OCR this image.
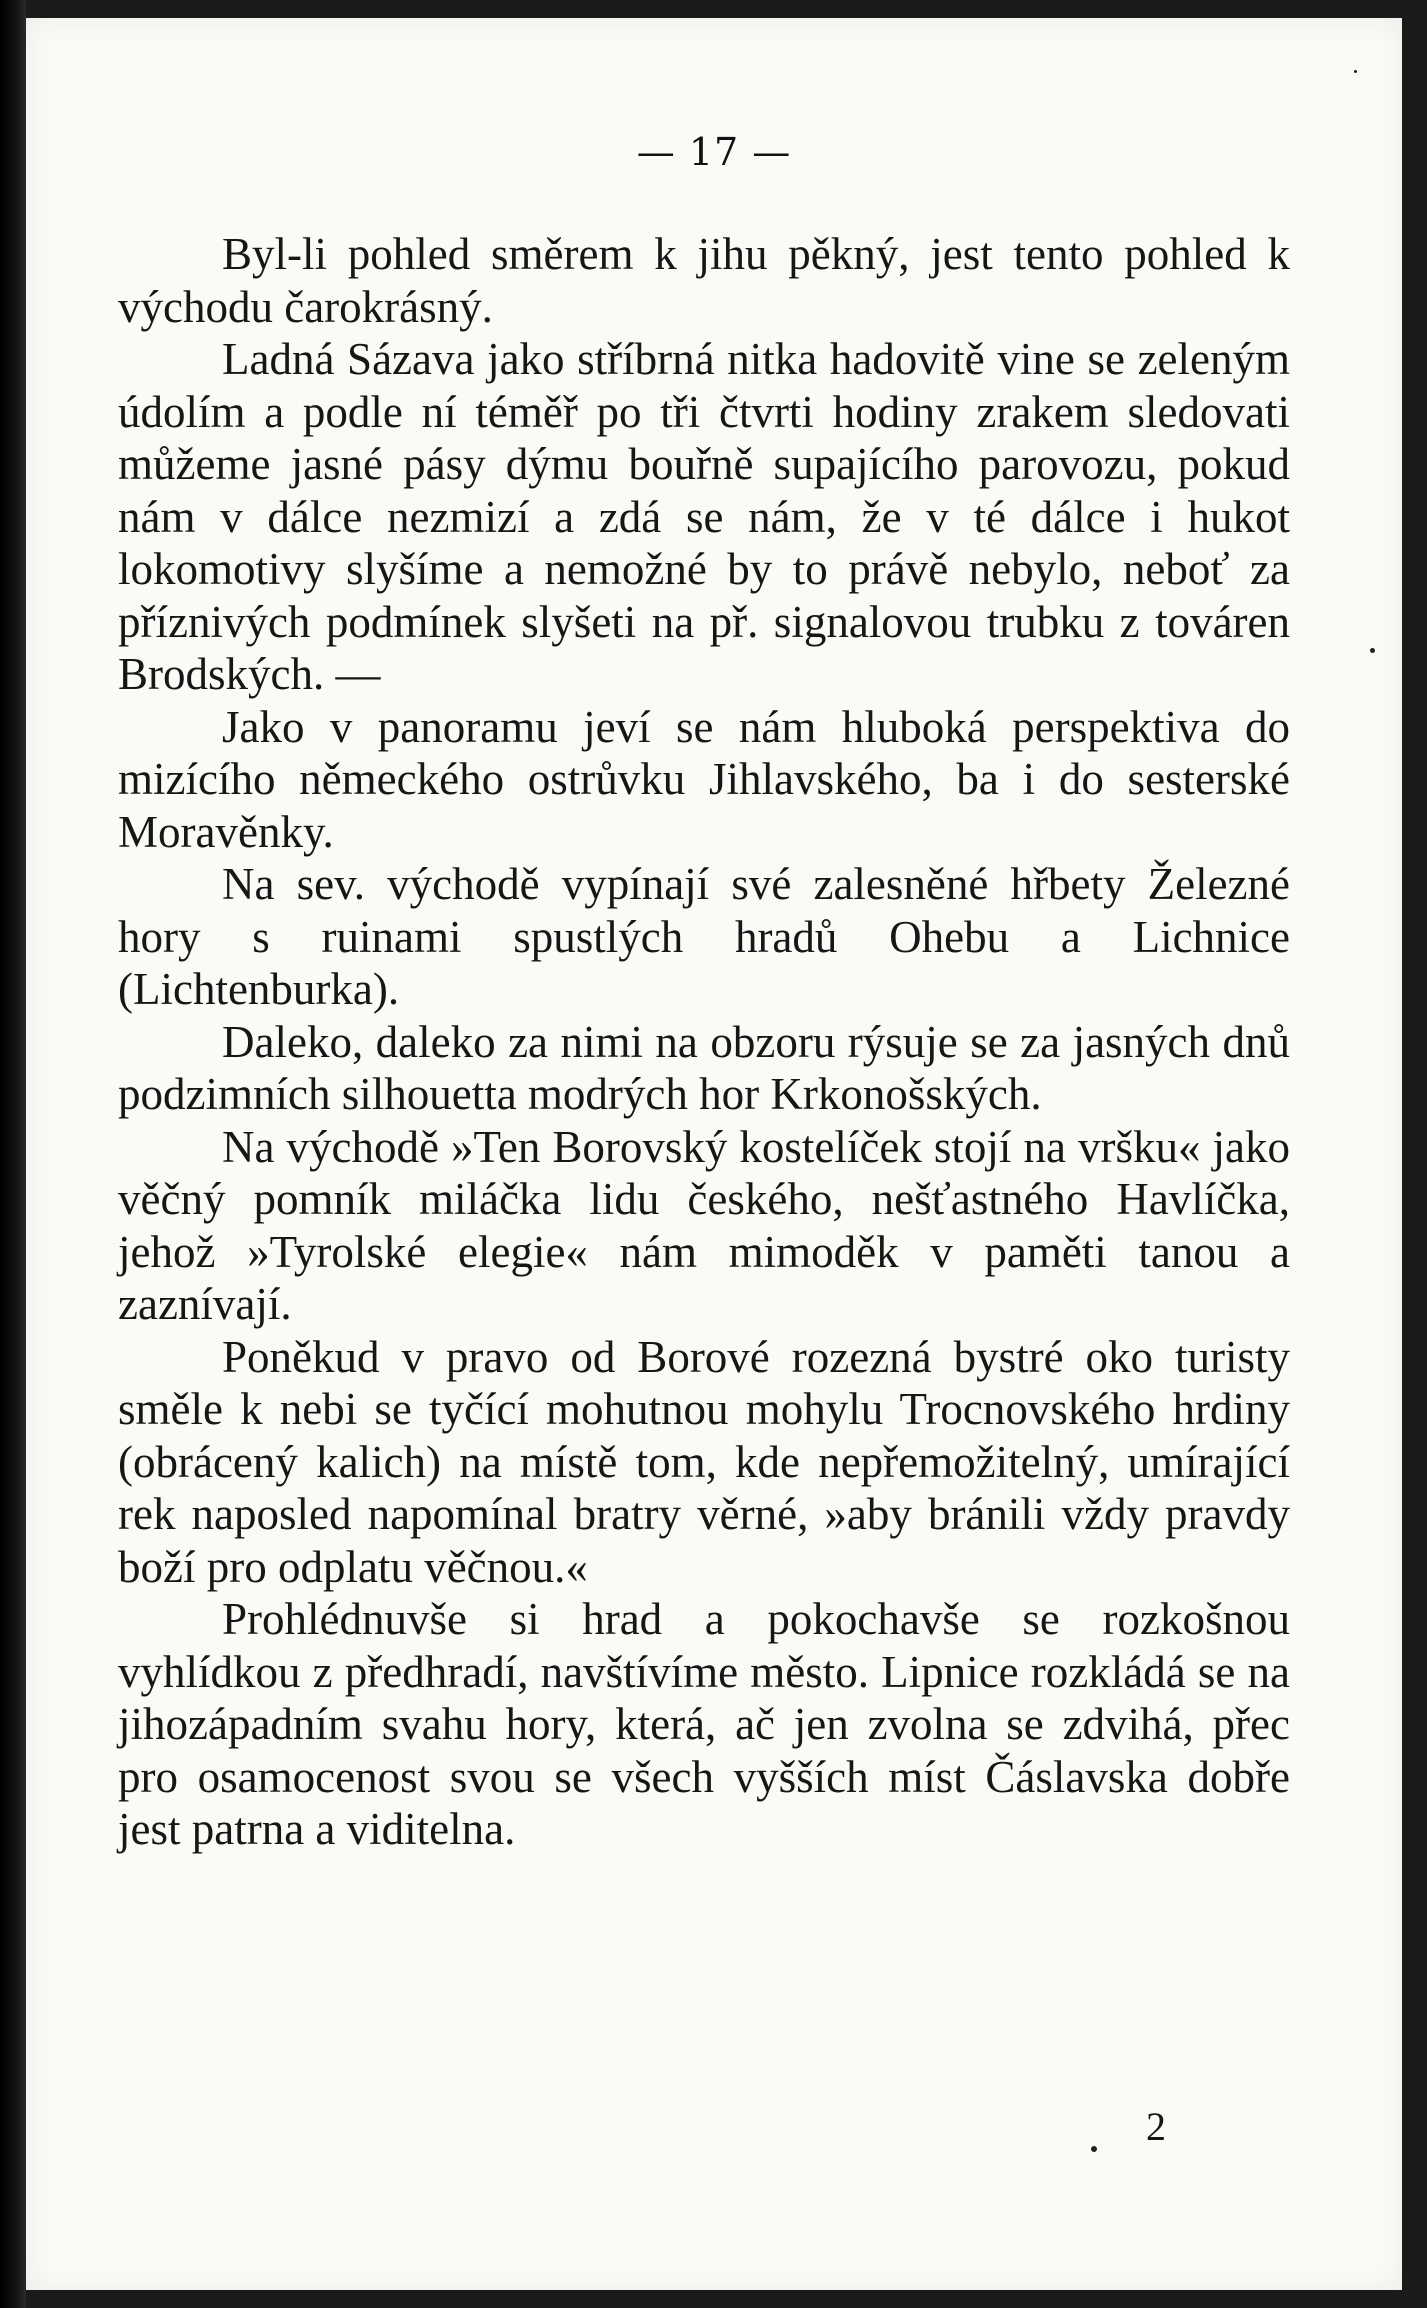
— 17 —

Byl-li pohled směrem k jihu pěkný, jest tento pohled k východu čarokrásný.

Ladná Sázava jako stříbrná nitka hadovitě vine se zeleným údolím a podle ní téměř po tři čtvrti hodiny zrakem sledovati můžeme jasné pásy dýmu bouřně supajícího parovozu, pokud nám v dálce nezmizí a zdá se nám, že v té dálce i hukot lokomotivy slyšíme a nemožné by to právě nebylo, neboť za příznivých podmínek slyšeti na př. signalovou trubku z továren Brodských. —

Jako v panoramu jeví se nám hluboká perspektiva do mizícího německého ostrůvku Jihlavského, ba i do sesterské Moravěnky.

Na sev. východě vypínají své zalesněné hřbety Železné hory s ruinami spustlých hradů Ohebu a Lichnice (Lichtenburka).

Daleko, daleko za nimi na obzoru rýsuje se za jasných dnů podzimních silhouetta modrých hor Krkonošských.

Na východě »Ten Borovský kostelíček stojí na vršku« jako věčný pomník miláčka lidu českého, nešťastného Havlíčka, jehož »Tyrolské elegie« nám mimoděk v paměti tanou a zaznívají.

Poněkud v pravo od Borové rozezná bystré oko turisty směle k nebi se tyčící mohutnou mohylu Trocnovského hrdiny (obrácený kalich) na místě tom, kde nepřemožitelný, umírající rek naposled napomínal bratry věrné, »aby bránili vždy pravdy boží pro odplatu věčnou.«

Prohlédnuvše si hrad a pokochavše se rozkošnou vyhlídkou z předhradí, navštívíme město. Lipnice rozkládá se na jihozápadním svahu hory, která, ač jen zvolna se zdvihá, přec pro osamocenost svou se všech vyšších míst Čáslavska dobře jest patrna a viditelna.

2
